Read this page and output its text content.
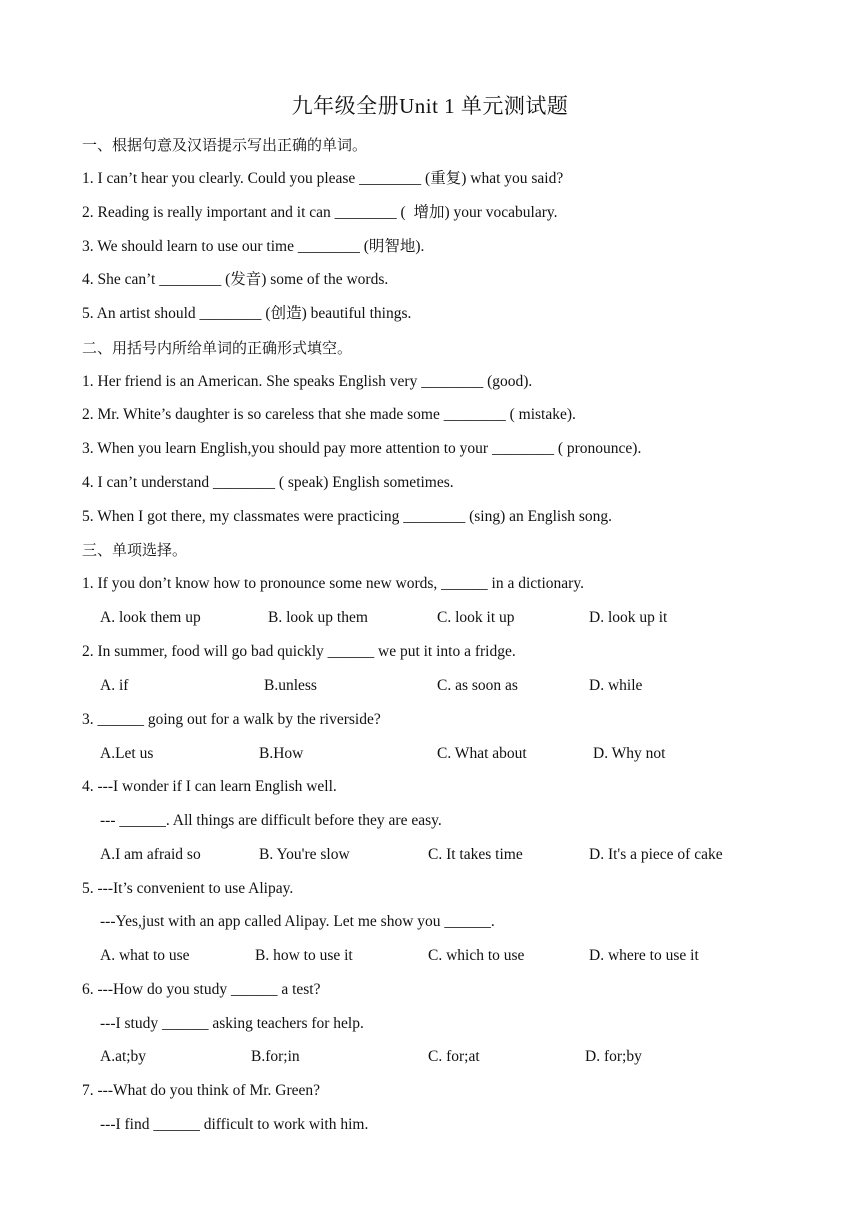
九年级全册Unit 1 单元测试题
一、根据句意及汉语提示写出正确的单词。
1. I can’t hear you clearly. Could you please ________ (重复) what you said?
2. Reading is really important and it can ________ (  增加) your vocabulary.
3. We should learn to use our time ________ (明智地).
4. She can’t ________ (发音) some of the words.
5. An artist should ________ (创造) beautiful things.
二、用括号内所给单词的正确形式填空。
1. Her friend is an American. She speaks English very ________ (good).
2. Mr. White’s daughter is so careless that she made some ________ ( mistake).
3. When you learn English,you should pay more attention to your ________ ( pronounce).
4. I can’t understand ________ ( speak) English sometimes.
5. When I got there, my classmates were practicing ________ (sing) an English song.
三、单项选择。
1. If you don’t know how to pronounce some new words, ______ in a dictionary.
A. look them up	B. look up them	C. look it up	D. look up it
2. In summer, food will go bad quickly ______ we put it into a fridge.
A. if	B.unless	C. as soon as	D. while
3. ______ going out for a walk by the riverside?
A.Let us	B.How	C. What about	D. Why not
4. ---I wonder if I can learn English well.
--- ______. All things are difficult before they are easy.
A.I am afraid so	B. You're slow	C. It takes time	D. It's a piece of cake
5. ---It’s convenient to use Alipay.
---Yes,just with an app called Alipay. Let me show you ______.
A. what to use	B. how to use it	C. which to use	D. where to use it
6. ---How do you study ______ a test?
---I study ______ asking teachers for help.
A.at;by	B.for;in	C. for;at	D. for;by
7. ---What do you think of Mr. Green?
---I find ______ difficult to work with him.
